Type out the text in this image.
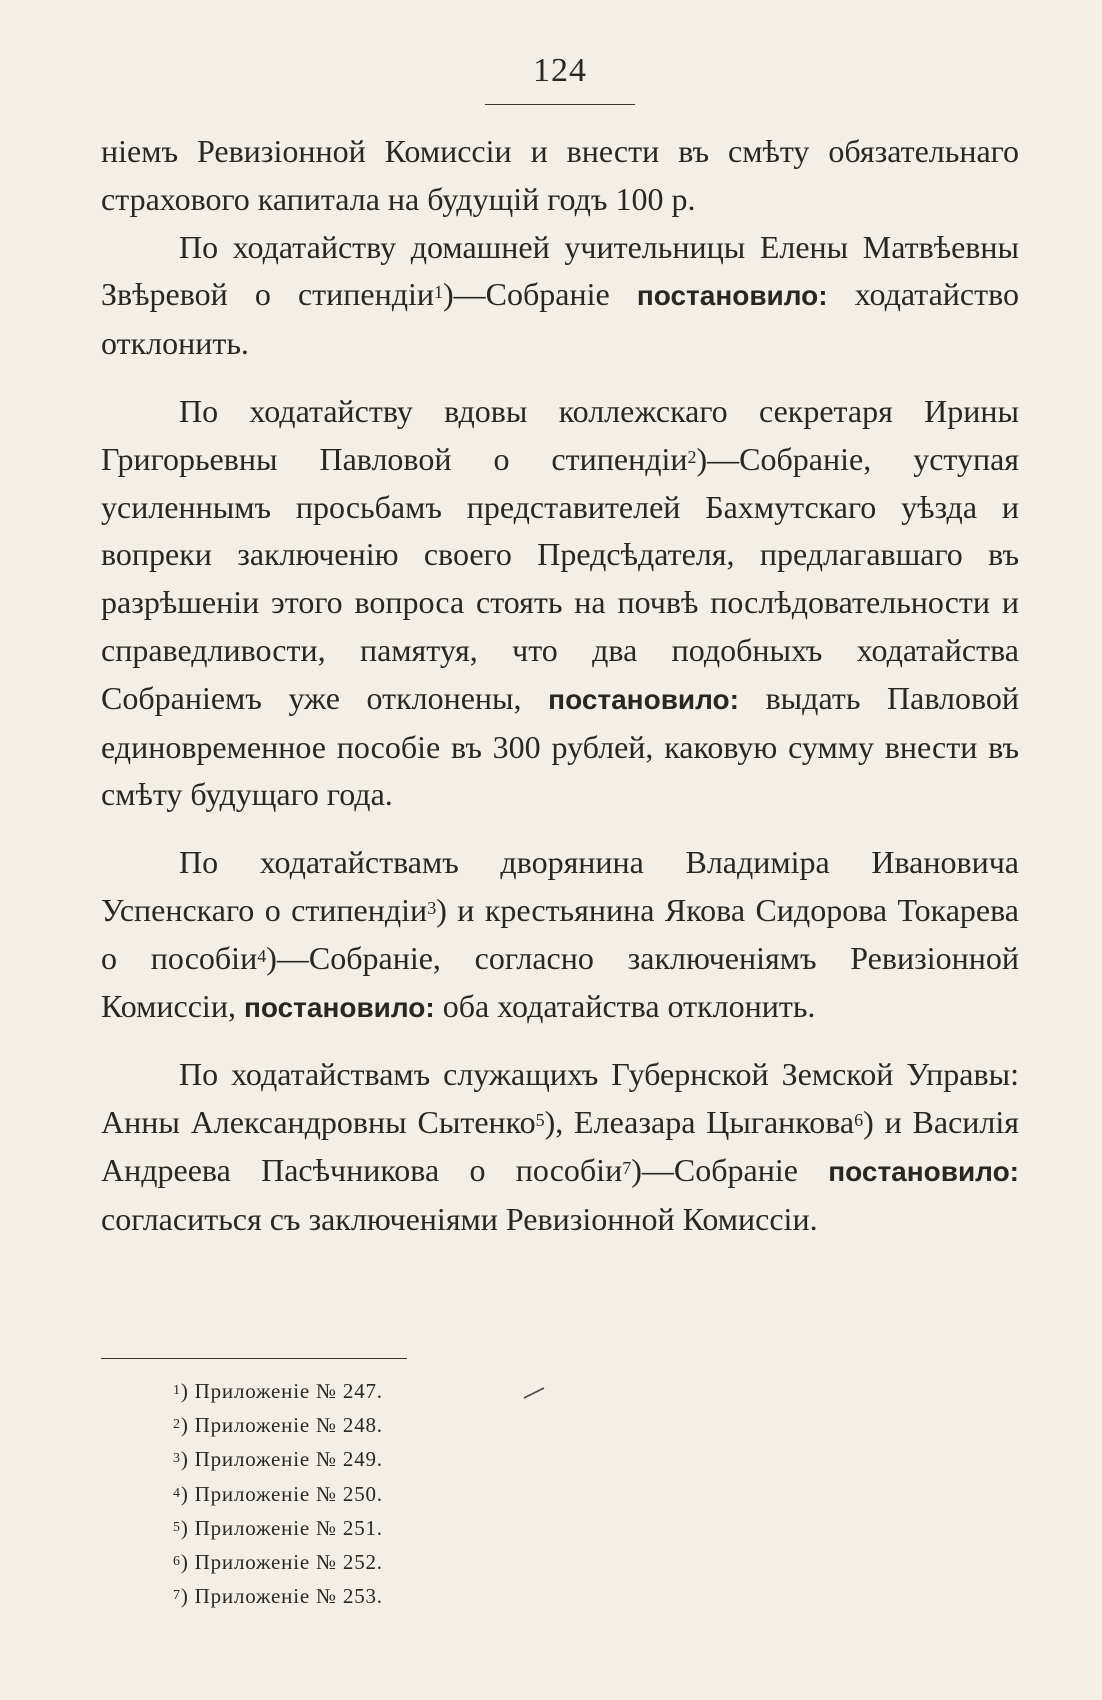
124

ніемъ Ревизіонной Комиссіи и внести въ смѣту обязательнаго страхового капитала на будущій годъ 100 р.

По ходатайству домашней учительницы Елены Матвѣевны Звѣревой о стипендіи$^1$)—Собраніе постановило: ходатайство отклонить.

По ходатайству вдовы коллежскаго секретаря Ирины Григорьевны Павловой о стипендіи$^2$)—Собраніе, уступая усиленнымъ просьбамъ представителей Бахмутскаго уѣзда и вопреки заключенію своего Предсѣдателя, предлагавшаго въ разрѣшеніи этого вопроса стоять на почвѣ послѣдовательности и справедливости, памятуя, что два подобныхъ ходатайства Собраніемъ уже отклонены, постановило: выдать Павловой единовременное пособіе въ 300 рублей, каковую сумму внести въ смѣту будущаго года.

По ходатайствамъ дворянина Владиміра Ивановича Успенскаго о стипендіи$^3$) и крестьянина Якова Сидорова Токарева о пособіи$^4$)—Собраніе, согласно заключеніямъ Ревизіонной Комиссіи, постановило: оба ходатайства отклонить.

По ходатайствамъ служащихъ Губернской Земской Управы: Анны Александровны Сытенко$^5$), Елеазара Цыганкова$^6$) и Василія Андреева Пасѣчникова о пособіи$^7$)—Собраніе постановило: согласиться съ заключеніями Ревизіонной Комиссіи.

$^1$) Приложеніе № 247.
$^2$) Приложеніе № 248.
$^3$) Приложеніе № 249.
$^4$) Приложеніе № 250.
$^5$) Приложеніе № 251.
$^6$) Приложеніе № 252.
$^7$) Приложеніе № 253.
